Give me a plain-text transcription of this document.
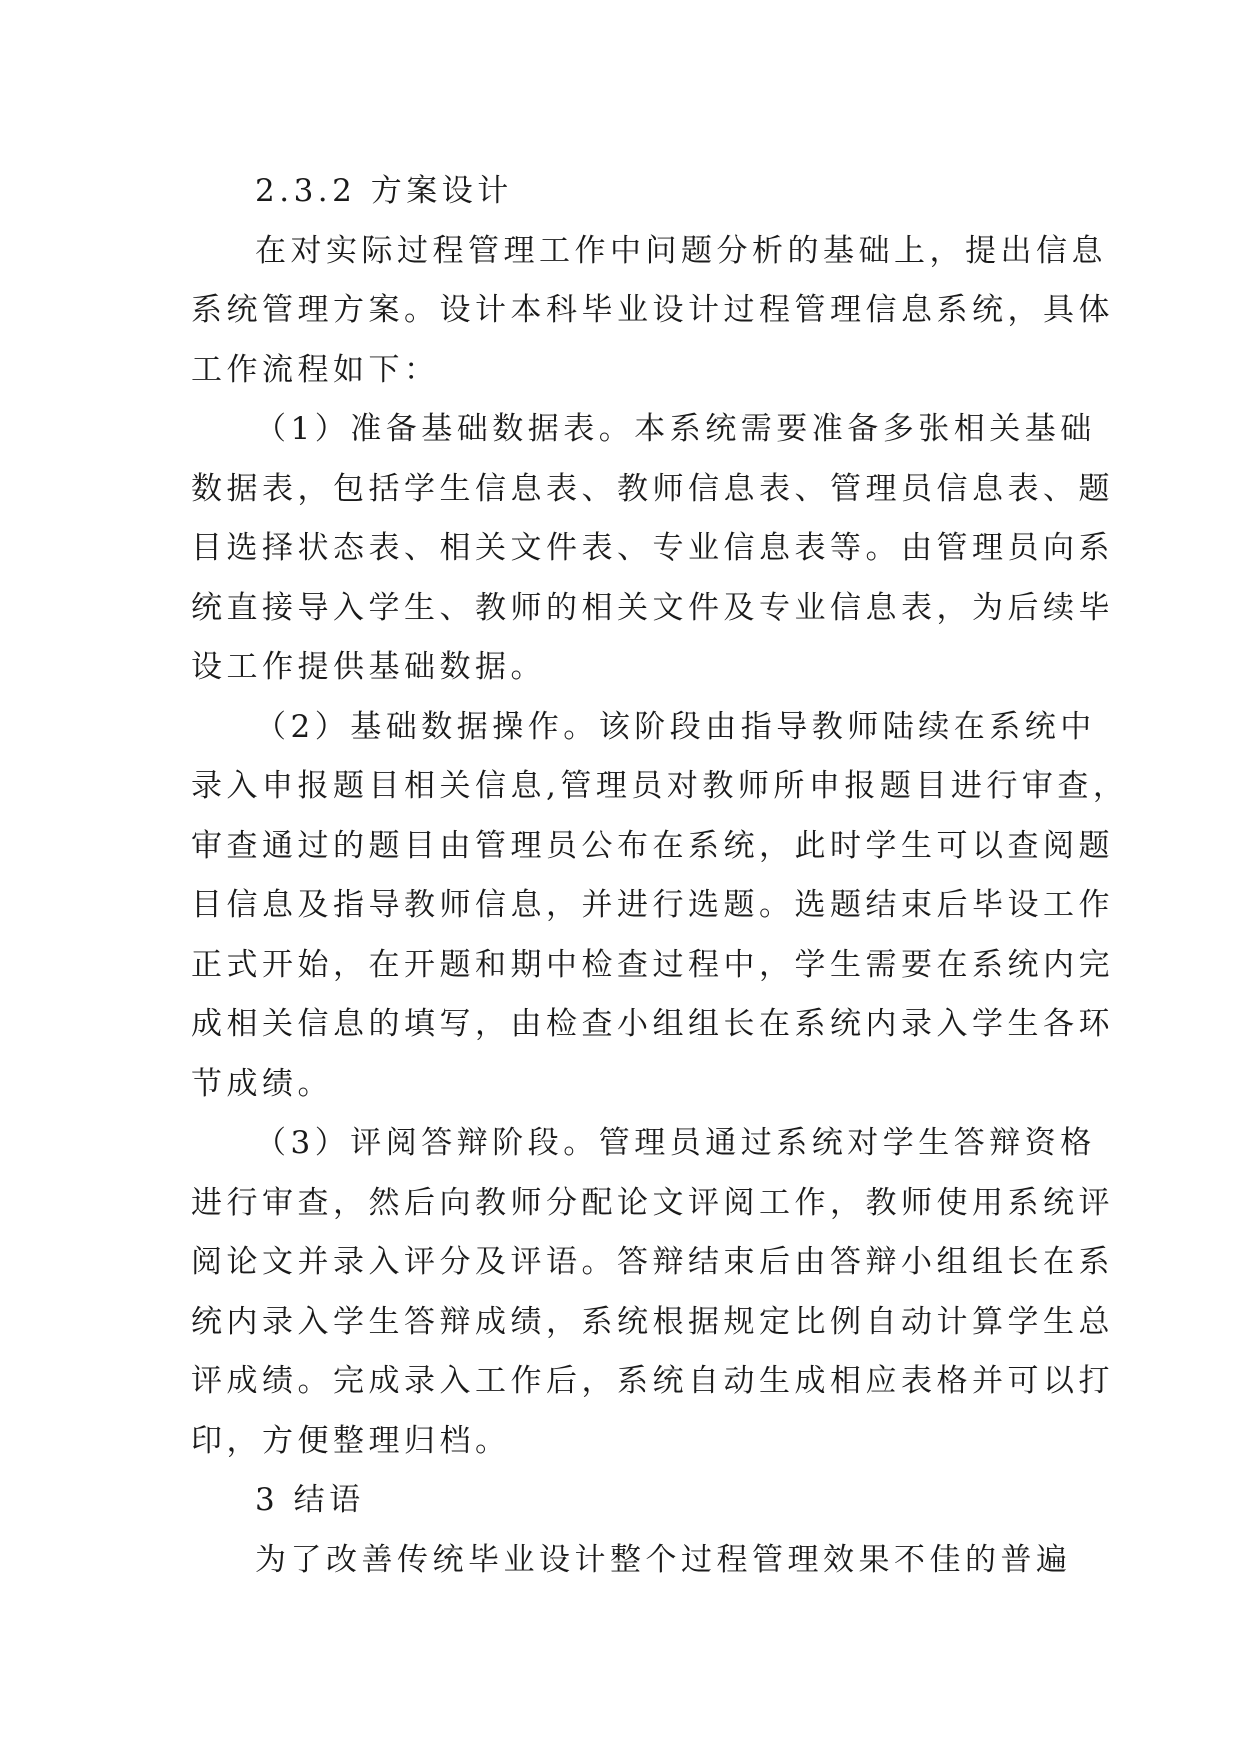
2.3.2 方案设计
在对实际过程管理工作中问题分析的基础上，提出信息
系统管理方案。设计本科毕业设计过程管理信息系统，具体
工作流程如下：
（1）准备基础数据表。本系统需要准备多张相关基础
数据表，包括学生信息表、教师信息表、管理员信息表、题
目选择状态表、相关文件表、专业信息表等。由管理员向系
统直接导入学生、教师的相关文件及专业信息表，为后续毕
设工作提供基础数据。
（2）基础数据操作。该阶段由指导教师陆续在系统中
录入申报题目相关信息,管理员对教师所申报题目进行审查，
审查通过的题目由管理员公布在系统，此时学生可以查阅题
目信息及指导教师信息，并进行选题。选题结束后毕设工作
正式开始，在开题和期中检查过程中，学生需要在系统内完
成相关信息的填写，由检查小组组长在系统内录入学生各环
节成绩。
（3）评阅答辩阶段。管理员通过系统对学生答辩资格
进行审查，然后向教师分配论文评阅工作，教师使用系统评
阅论文并录入评分及评语。答辩结束后由答辩小组组长在系
统内录入学生答辩成绩，系统根据规定比例自动计算学生总
评成绩。完成录入工作后，系统自动生成相应表格并可以打
印，方便整理归档。
3 结语
为了改善传统毕业设计整个过程管理效果不佳的普遍
